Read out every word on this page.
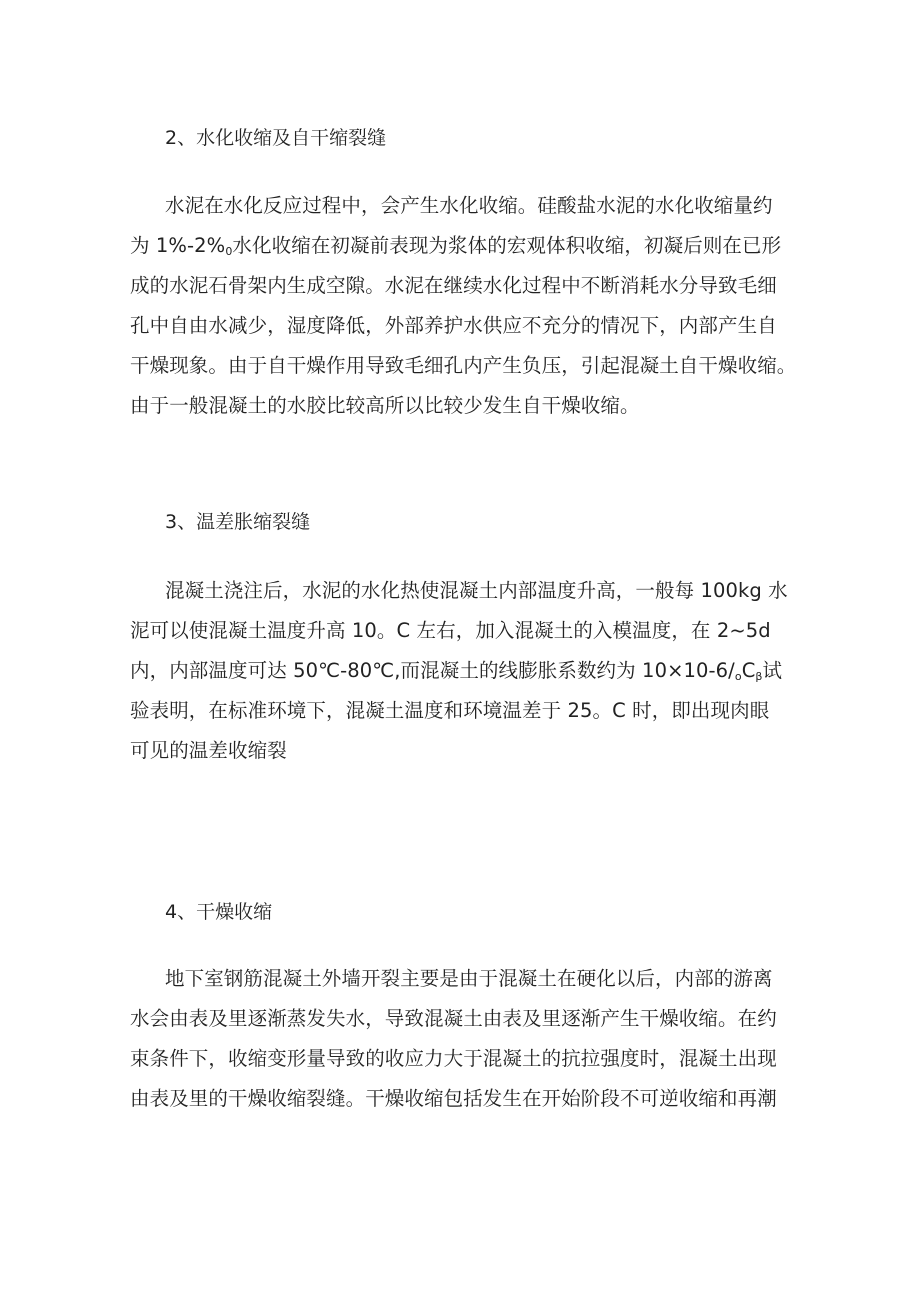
2、水化收缩及自干缩裂缝
水泥在水化反应过程中，会产生水化收缩。硅酸盐水泥的水化收缩量约
为 $1\%-2\%_0$水化收缩在初凝前表现为浆体的宏观体积收缩，初凝后则在已形
成的水泥石骨架内生成空隙。水泥在继续水化过程中不断消耗水分导致毛细
孔中自由水减少，湿度降低，外部养护水供应不充分的情况下，内部产生自
干燥现象。由于自干燥作用导致毛细孔内产生负压，引起混凝土自干燥收缩。
由于一般混凝土的水胶比较高所以比较少发生自干燥收缩。
3、温差胀缩裂缝
混凝土浇注后，水泥的水化热使混凝土内部温度升高，一般每 100kg 水
泥可以使混凝土温度升高 10。C 左右，加入混凝土的入模温度，在 2~5d
内，内部温度可达 50℃-80℃,而混凝土的线膨胀系数约为 $10\times 10-6/_oC_\beta$试
验表明，在标准环境下，混凝土温度和环境温差于 25。C 时，即出现肉眼
可见的温差收缩裂
4、干燥收缩
地下室钢筋混凝土外墙开裂主要是由于混凝土在硬化以后，内部的游离
水会由表及里逐渐蒸发失水，导致混凝土由表及里逐渐产生干燥收缩。在约
束条件下，收缩变形量导致的收应力大于混凝土的抗拉强度时，混凝土出现
由表及里的干燥收缩裂缝。干燥收缩包括发生在开始阶段不可逆收缩和再潮
